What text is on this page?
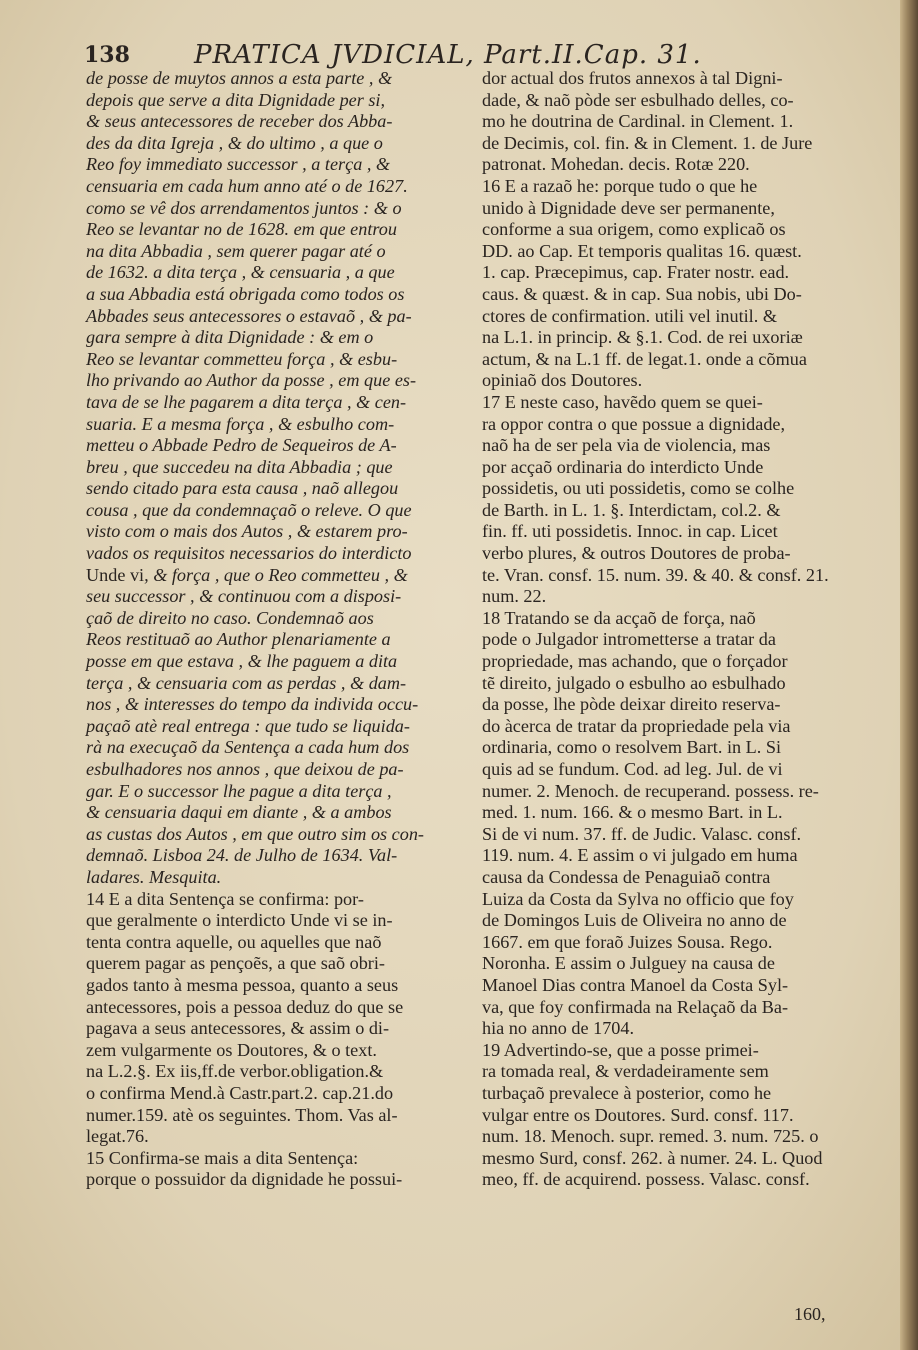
138 PRATICA JVDICIAL, Part.II.Cap. 31.
de posse de muytos annos a esta parte , &
depois que serve a dita Dignidade per si,
& seus antecessores de receber dos Abba-
des da dita Igreja , & do ultimo , a que o
Reo foy immediato successor , a terça , &
censuaria em cada hum anno até o de 1627.
como se vê dos arrendamentos juntos : & o
Reo se levantar no de 1628. em que entrou
na dita Abbadia , sem querer pagar até o
de 1632. a dita terça , & censuaria , a que
a sua Abbadia está obrigada como todos os
Abbades seus antecessores o estavaõ , & pa-
gara sempre à dita Dignidade : & em o
Reo se levantar commetteu força , & esbu-
lho privando ao Author da posse , em que es-
tava de se lhe pagarem a dita terça , & cen-
suaria. E a mesma força , & esbulho com-
metteu o Abbade Pedro de Sequeiros de A-
breu , que succedeu na dita Abbadia ; que
sendo citado para esta causa , naõ allegou
cousa , que da condemnaçaõ o releve. O que
visto com o mais dos Autos , & estarem pro-
vados os requisitos necessarios do interdicto
Unde vi, & força , que o Reo commetteu , &
seu successor , & continuou com a disposi-
çaõ de direito no caso. Condemnaõ aos
Reos restituaõ ao Author plenariamente a
posse em que estava , & lhe paguem a dita
terça , & censuaria com as perdas , & dam-
nos , & interesses do tempo da individa occu-
paçaõ atè real entrega : que tudo se liquida-
rà na execuçaõ da Sentença a cada hum dos
esbulhadores nos annos , que deixou de pa-
gar. E o successor lhe pague a dita terça ,
& censuaria daqui em diante , & a ambos
as custas dos Autos , em que outro sim os con-
demnaõ. Lisboa 24. de Julho de 1634. Val-
ladares. Mesquita.
14 E a dita Sentença se confirma: por-
que geralmente o interdicto Unde vi se in-
tenta contra aquelle, ou aquelles que naõ
querem pagar as pençoẽs, a que saõ obri-
gados tanto à mesma pessoa, quanto a seus
antecessores, pois a pessoa deduz do que se
pagava a seus antecessores, & assim o di-
zem vulgarmente os Doutores, & o text.
na L.2.§. Ex iis,ff.de verbor.obligation.&
o confirma Mend.à Castr.part.2. cap.21.do
numer.159. atè os seguintes. Thom. Vas al-
legat.76.
15 Confirma-se mais a dita Sentença:
porque o possuidor da dignidade he possui-
dor actual dos frutos annexos à tal Digni-
dade, & naõ pòde ser esbulhado delles, co-
mo he doutrina de Cardinal. in Clement. 1.
de Decimis, col. fin. & in Clement. 1. de Jure
patronat. Mohedan. decis. Rotæ 220.
16 E a razaõ he: porque tudo o que he
unido à Dignidade deve ser permanente,
conforme a sua origem, como explicaõ os
DD. ao Cap. Et temporis qualitas 16. quæst.
1. cap. Præcepimus, cap. Frater nostr. ead.
caus. & quæst. & in cap. Sua nobis, ubi Do-
ctores de confirmation. utili vel inutil. &
na L.1. in princip. & §.1. Cod. de rei uxoriæ
actum, & na L.1 ff. de legat.1. onde a cõmua
opiniaõ dos Doutores.
17 E neste caso, havẽdo quem se quei-
ra oppor contra o que possue a dignidade,
naõ ha de ser pela via de violencia, mas
por acçaõ ordinaria do interdicto Unde
possidetis, ou uti possidetis, como se colhe
de Barth. in L. 1. §. Interdictam, col.2. &
fin. ff. uti possidetis. Innoc. in cap. Licet
verbo plures, & outros Doutores de proba-
te. Vran. consf. 15. num. 39. & 40. & consf. 21.
num. 22.
18 Tratando se da acçaõ de força, naõ
pode o Julgador intrometterse a tratar da
propriedade, mas achando, que o forçador
tẽ direito, julgado o esbulho ao esbulhado
da posse, lhe pòde deixar direito reserva-
do àcerca de tratar da propriedade pela via
ordinaria, como o resolvem Bart. in L. Si
quis ad se fundum. Cod. ad leg. Jul. de vi
numer. 2. Menoch. de recuperand. possess. re-
med. 1. num. 166. & o mesmo Bart. in L.
Si de vi num. 37. ff. de Judic. Valasc. consf.
119. num. 4. E assim o vi julgado em huma
causa da Condessa de Penaguiaõ contra
Luiza da Costa da Sylva no officio que foy
de Domingos Luis de Oliveira no anno de
1667. em que foraõ Juizes Sousa. Rego.
Noronha. E assim o Julguey na causa de
Manoel Dias contra Manoel da Costa Syl-
va, que foy confirmada na Relaçaõ da Ba-
hia no anno de 1704.
19 Advertindo-se, que a posse primei-
ra tomada real, & verdadeiramente sem
turbaçaõ prevalece à posterior, como he
vulgar entre os Doutores. Surd. consf. 117.
num. 18. Menoch. supr. remed. 3. num. 725. o
mesmo Surd, consf. 262. à numer. 24. L. Quod
meo, ff. de acquirend. possess. Valasc. consf.
160,
